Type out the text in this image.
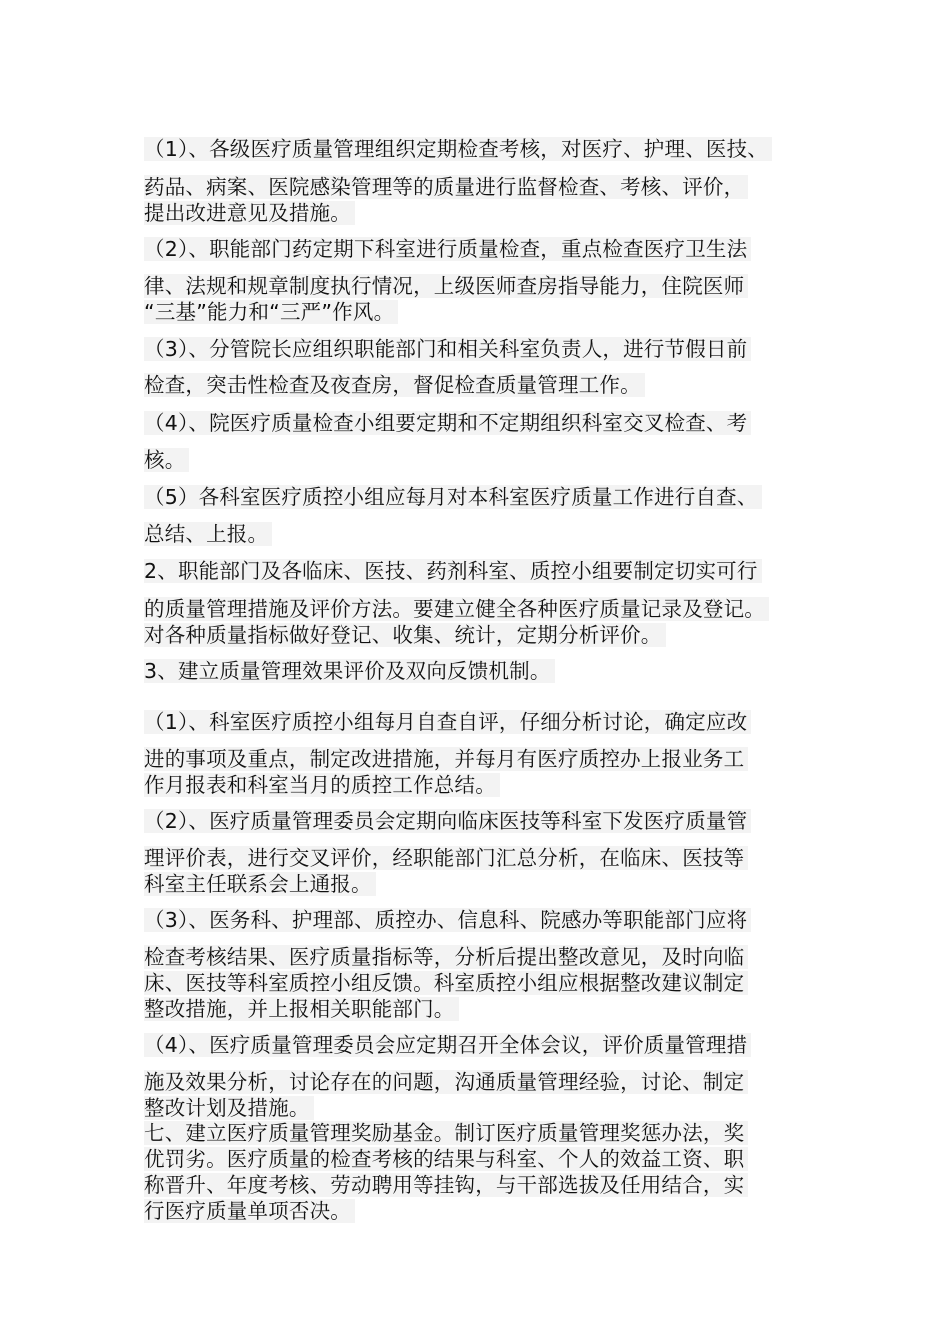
（1）、各级医疗质量管理组织定期检查考核，对医疗、护理、医技、
药品、病案、医院感染管理等的质量进行监督检查、考核、评价，
提出改进意见及措施。
（2）、职能部门药定期下科室进行质量检查，重点检查医疗卫生法
律、法规和规章制度执行情况，上级医师查房指导能力，住院医师
“三基”能力和“三严”作风。
（3）、分管院长应组织职能部门和相关科室负责人，进行节假日前
检查，突击性检查及夜查房，督促检查质量管理工作。
（4）、院医疗质量检查小组要定期和不定期组织科室交叉检查、考
核。
（5）各科室医疗质控小组应每月对本科室医疗质量工作进行自查、
总结、上报。
2、职能部门及各临床、医技、药剂科室、质控小组要制定切实可行
的质量管理措施及评价方法。要建立健全各种医疗质量记录及登记。
对各种质量指标做好登记、收集、统计，定期分析评价。
3、建立质量管理效果评价及双向反馈机制。
（1）、科室医疗质控小组每月自查自评，仔细分析讨论，确定应改
进的事项及重点，制定改进措施，并每月有医疗质控办上报业务工
作月报表和科室当月的质控工作总结。
（2）、医疗质量管理委员会定期向临床医技等科室下发医疗质量管
理评价表，进行交叉评价，经职能部门汇总分析，在临床、医技等
科室主任联系会上通报。
（3）、医务科、护理部、质控办、信息科、院感办等职能部门应将
检查考核结果、医疗质量指标等，分析后提出整改意见，及时向临
床、医技等科室质控小组反馈。科室质控小组应根据整改建议制定
整改措施，并上报相关职能部门。
（4）、医疗质量管理委员会应定期召开全体会议，评价质量管理措
施及效果分析，讨论存在的问题，沟通质量管理经验，讨论、制定
整改计划及措施。
七、建立医疗质量管理奖励基金。制订医疗质量管理奖惩办法，奖
优罚劣。医疗质量的检查考核的结果与科室、个人的效益工资、职
称晋升、年度考核、劳动聘用等挂钩，与干部选拔及任用结合，实
行医疗质量单项否决。
